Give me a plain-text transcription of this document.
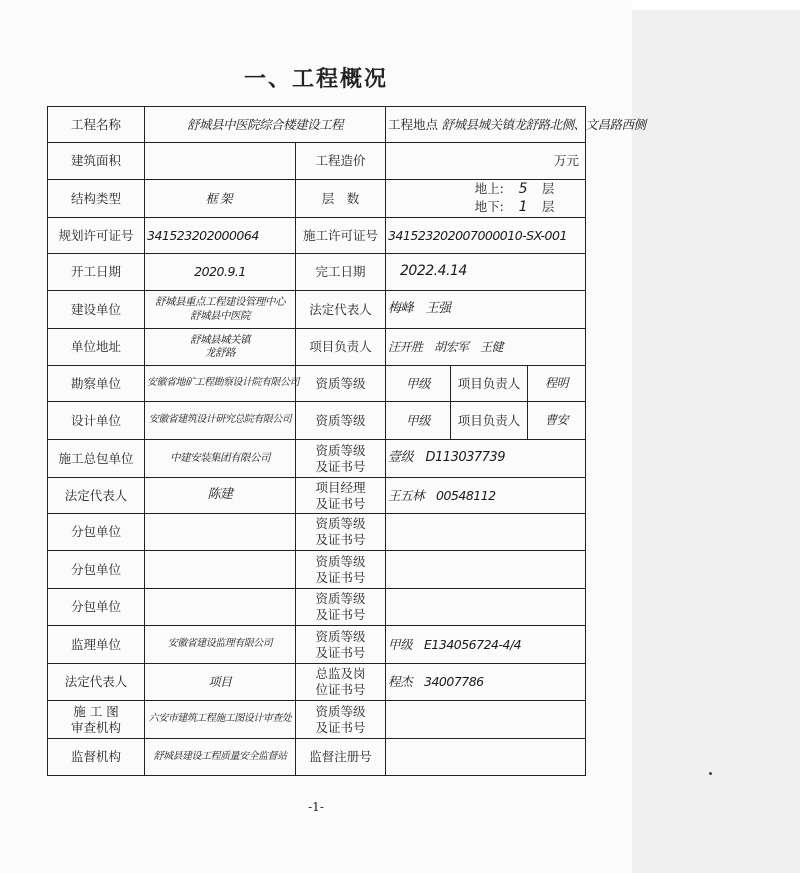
一、工程概况
工程名称	舒城县中医院综合楼建设工程		工程地点 舒城县城关镇龙舒路北侧、文昌路西侧		
建筑面积		工程造价	万元		
结构类型	框架	层　数	地上: 5 层
地下: 1 层		

规划许可证号	341523202000064	施工许可证号	341523202007000010-SX-001		
开工日期	2020.9.1	完工日期	2022.4.14		
建设单位	舒城县重点工程建设管理中心
舒城县中医院	法定代表人	梅峰　王强		
单位地址	舒城县城关镇
龙舒路	项目负责人	汪开胜　胡宏军　王健		
勘察单位	安徽省地矿工程勘察设计院有限公司	资质等级	甲级	项目负责人	程明
设计单位	安徽省建筑设计研究总院有限公司	资质等级	甲级	项目负责人	曹安
施工总包单位	中建安装集团有限公司	资质等级
及证书号	壹级　D113037739		
法定代表人	陈建	项目经理
及证书号	王五林　00548112		
分包单位		资质等级
及证书号			
分包单位		资质等级
及证书号			
分包单位		资质等级
及证书号			
监理单位	安徽省建设监理有限公司	资质等级
及证书号	甲级　E134056724-4/4		
法定代表人	项目	总监及岗
位证书号	程杰　34007786		
施 工 图
审查机构	六安市建筑工程施工图设计审查处	资质等级
及证书号			
监督机构	舒城县建设工程质量安全监督站	监督注册号			
-1-
